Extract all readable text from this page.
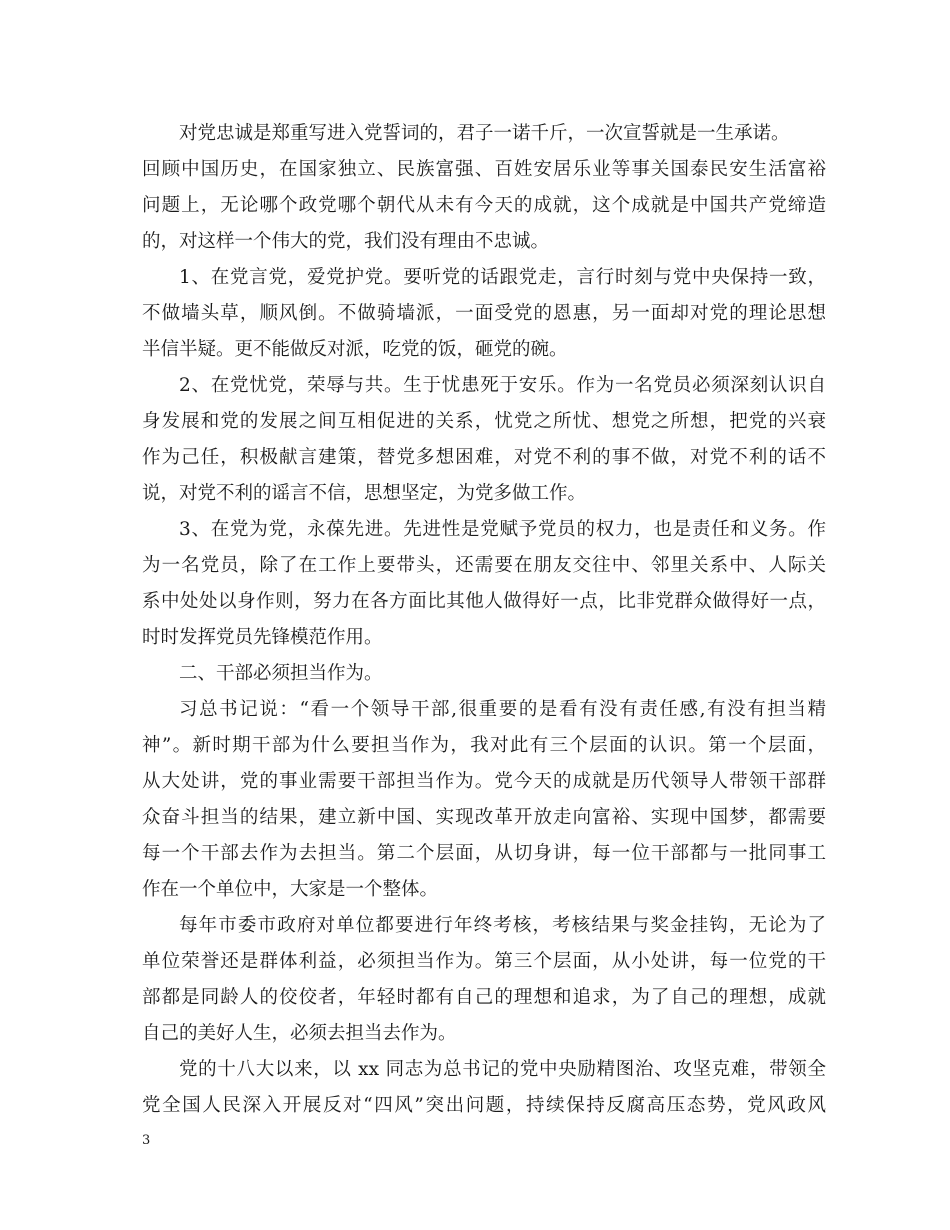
对党忠诚是郑重写进入党誓词的，君子一诺千斤，一次宣誓就是一生承诺。
回顾中国历史，在国家独立、民族富强、百姓安居乐业等事关国泰民安生活富裕
问题上，无论哪个政党哪个朝代从未有今天的成就，这个成就是中国共产党缔造
的，对这样一个伟大的党，我们没有理由不忠诚。
1、在党言党，爱党护党。要听党的话跟党走，言行时刻与党中央保持一致，
不做墙头草，顺风倒。不做骑墙派，一面受党的恩惠，另一面却对党的理论思想
半信半疑。更不能做反对派，吃党的饭，砸党的碗。
2、在党忧党，荣辱与共。生于忧患死于安乐。作为一名党员必须深刻认识自
身发展和党的发展之间互相促进的关系，忧党之所忧、想党之所想，把党的兴衰
作为己任，积极献言建策，替党多想困难，对党不利的事不做，对党不利的话不
说，对党不利的谣言不信，思想坚定，为党多做工作。
3、在党为党，永葆先进。先进性是党赋予党员的权力，也是责任和义务。作
为一名党员，除了在工作上要带头，还需要在朋友交往中、邻里关系中、人际关
系中处处以身作则，努力在各方面比其他人做得好一点，比非党群众做得好一点，
时时发挥党员先锋模范作用。
二、干部必须担当作为。
习总书记说：“看一个领导干部,很重要的是看有没有责任感,有没有担当精
神”。新时期干部为什么要担当作为，我对此有三个层面的认识。第一个层面，
从大处讲，党的事业需要干部担当作为。党今天的成就是历代领导人带领干部群
众奋斗担当的结果，建立新中国、实现改革开放走向富裕、实现中国梦，都需要
每一个干部去作为去担当。第二个层面，从切身讲，每一位干部都与一批同事工
作在一个单位中，大家是一个整体。
每年市委市政府对单位都要进行年终考核，考核结果与奖金挂钩，无论为了
单位荣誉还是群体利益，必须担当作为。第三个层面，从小处讲，每一位党的干
部都是同龄人的佼佼者，年轻时都有自己的理想和追求，为了自己的理想，成就
自己的美好人生，必须去担当去作为。
党的十八大以来，以 xx 同志为总书记的党中央励精图治、攻坚克难，带领全
党全国人民深入开展反对“四风”突出问题，持续保持反腐高压态势，党风政风
3
